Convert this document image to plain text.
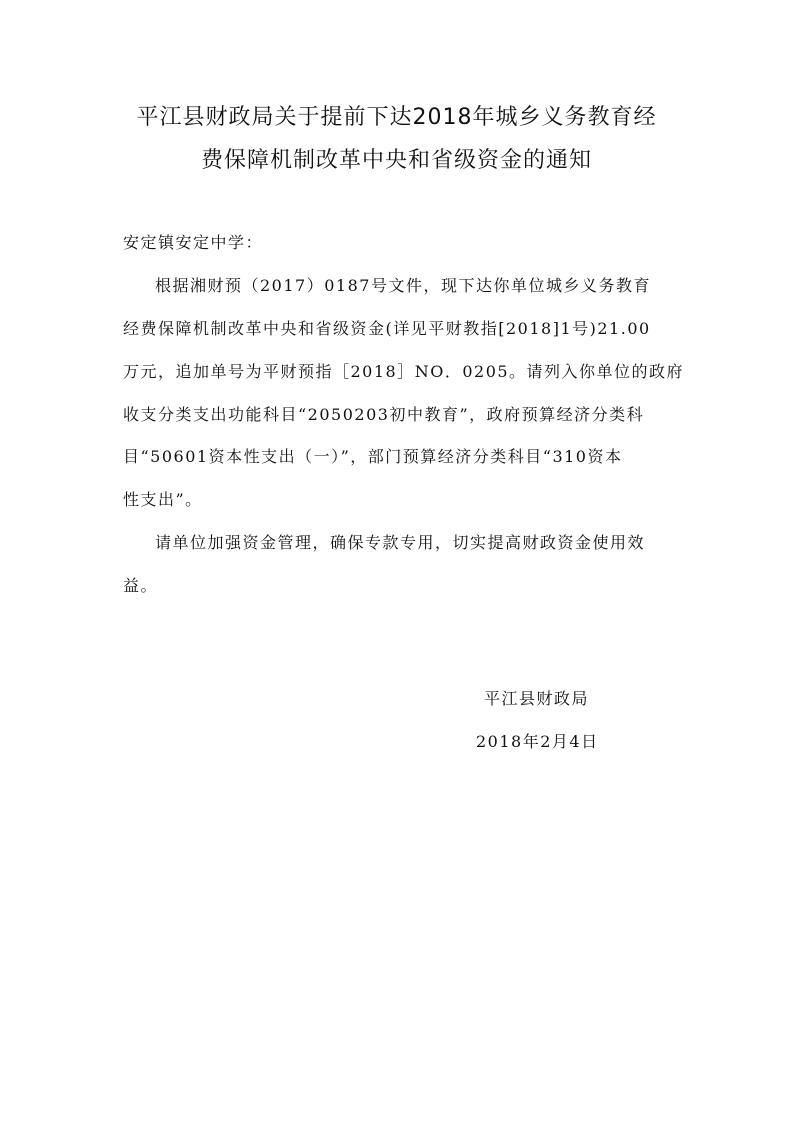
平江县财政局关于提前下达2018年城乡义务教育经
费保障机制改革中央和省级资金的通知
安定镇安定中学：
根据湘财预（2017）0187号文件，现下达你单位城乡义务教育
经费保障机制改革中央和省级资金(详见平财教指[2018]1号)21.00
万元，追加单号为平财预指［2018］NO．0205。请列入你单位的政府
收支分类支出功能科目“2050203初中教育”，政府预算经济分类科
目“50601资本性支出（一）”，部门预算经济分类科目“310资本
性支出”。
请单位加强资金管理，确保专款专用，切实提高财政资金使用效
益。
平江县财政局
2018年2月4日
